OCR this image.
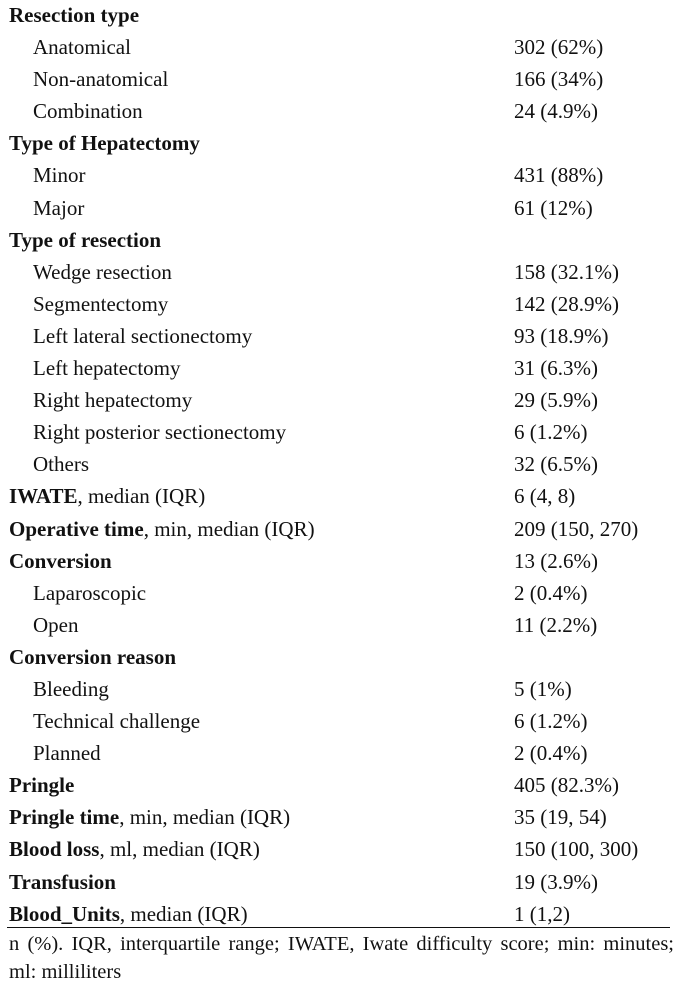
Resection type
Anatomical	302 (62%)
Non-anatomical	166 (34%)
Combination	24 (4.9%)
Type of Hepatectomy
Minor	431 (88%)
Major	61 (12%)
Type of resection
Wedge resection	158 (32.1%)
Segmentectomy	142 (28.9%)
Left lateral sectionectomy	93 (18.9%)
Left hepatectomy	31 (6.3%)
Right hepatectomy	29 (5.9%)
Right posterior sectionectomy	6 (1.2%)
Others	32 (6.5%)
IWATE, median (IQR)	6 (4, 8)
Operative time, min, median (IQR)	209 (150, 270)
Conversion	13 (2.6%)
Laparoscopic	2 (0.4%)
Open	11 (2.2%)
Conversion reason
Bleeding	5 (1%)
Technical challenge	6 (1.2%)
Planned	2 (0.4%)
Pringle	405 (82.3%)
Pringle time, min, median (IQR)	35 (19, 54)
Blood loss, ml, median (IQR)	150 (100, 300)
Transfusion	19 (3.9%)
Blood_Units, median (IQR)	1 (1,2)
n (%). IQR, interquartile range; IWATE, Iwate difficulty score; min: minutes; ml: milliliters
